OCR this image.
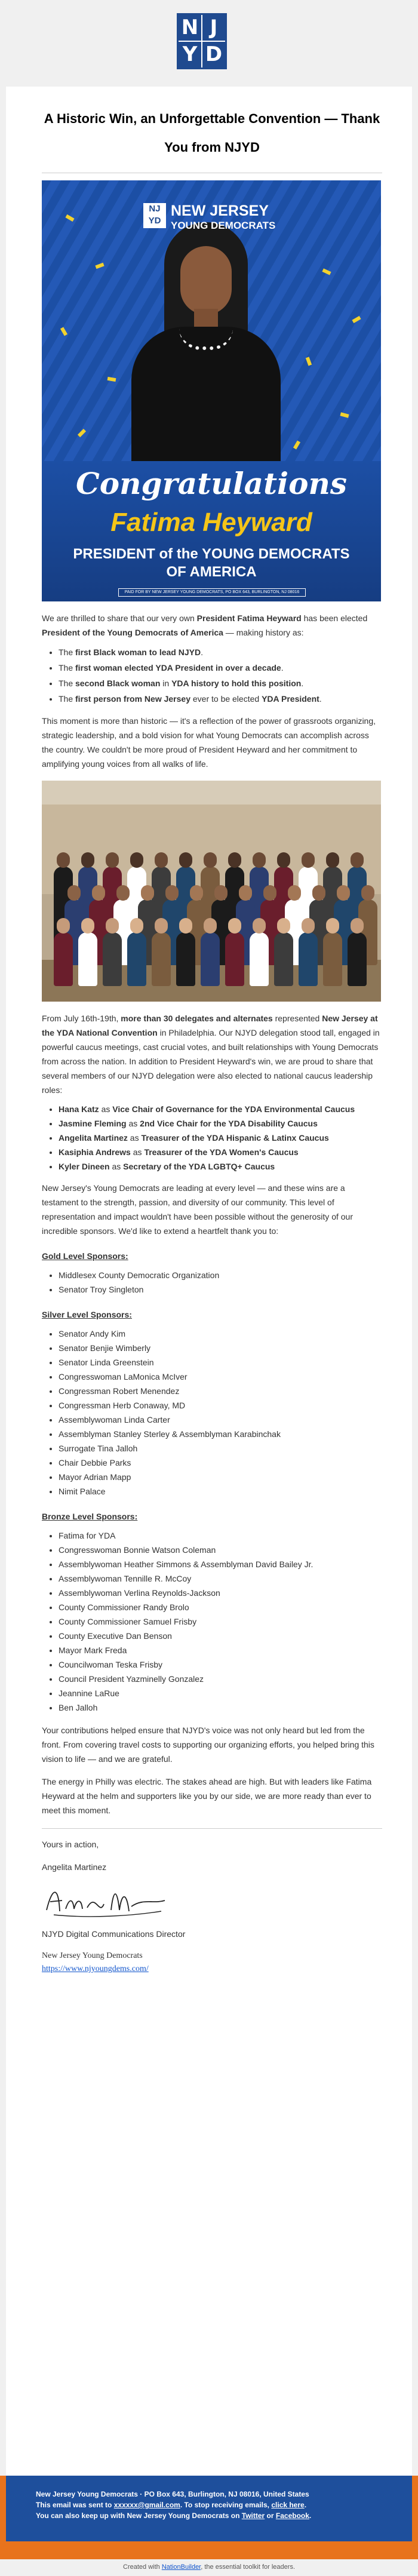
N J
Y D
A Historic Win, an Unforgettable Convention — Thank You from NJYD
NJ
YD
NEW JERSEY
YOUNG DEMOCRATS
Congratulations
Fatima Heyward
PRESIDENT of the YOUNG DEMOCRATS
OF AMERICA
PAID FOR BY NEW JERSEY YOUNG DEMOCRATS, PO BOX 643, BURLINGTON, NJ 08016

We are thrilled to share that our very own President Fatima Heyward has been elected President of the Young Democrats of America — making history as:

• The first Black woman to lead NJYD.
• The first woman elected YDA President in over a decade.
• The second Black woman in YDA history to hold this position.
• The first person from New Jersey ever to be elected YDA President.

This moment is more than historic — it's a reflection of the power of grassroots organizing, strategic leadership, and a bold vision for what Young Democrats can accomplish across the country. We couldn't be more proud of President Heyward and her commitment to amplifying young voices from all walks of life.

From July 16th-19th, more than 30 delegates and alternates represented New Jersey at the YDA National Convention in Philadelphia. Our NJYD delegation stood tall, engaged in powerful caucus meetings, cast crucial votes, and built relationships with Young Democrats from across the nation. In addition to President Heyward's win, we are proud to share that several members of our NJYD delegation were also elected to national caucus leadership roles:

• Hana Katz as Vice Chair of Governance for the YDA Environmental Caucus
• Jasmine Fleming as 2nd Vice Chair for the YDA Disability Caucus
• Angelita Martinez as Treasurer of the YDA Hispanic & Latinx Caucus
• Kasiphia Andrews as Treasurer of the YDA Women's Caucus
• Kyler Dineen as Secretary of the YDA LGBTQ+ Caucus

New Jersey's Young Democrats are leading at every level — and these wins are a testament to the strength, passion, and diversity of our community. This level of representation and impact wouldn't have been possible without the generosity of our incredible sponsors. We'd like to extend a heartfelt thank you to:

Gold Level Sponsors:
• Middlesex County Democratic Organization
• Senator Troy Singleton
Silver Level Sponsors:
• Senator Andy Kim
• Senator Benjie Wimberly
• Senator Linda Greenstein
• Congresswoman LaMonica McIver
• Congressman Robert Menendez
• Congressman Herb Conaway, MD
• Assemblywoman Linda Carter
• Assemblyman Stanley Sterley & Assemblyman Karabinchak
• Surrogate Tina Jalloh
• Chair Debbie Parks
• Mayor Adrian Mapp
• Nimit Palace
Bronze Level Sponsors:
• Fatima for YDA
• Congresswoman Bonnie Watson Coleman
• Assemblywoman Heather Simmons & Assemblyman David Bailey Jr.
• Assemblywoman Tennille R. McCoy
• Assemblywoman Verlina Reynolds-Jackson
• County Commissioner Randy Brolo
• County Commissioner Samuel Frisby
• County Executive Dan Benson
• Mayor Mark Freda
• Councilwoman Teska Frisby
• Council President Yazminelly Gonzalez
• Jeannine LaRue
• Ben Jalloh

Your contributions helped ensure that NJYD's voice was not only heard but led from the front. From covering travel costs to supporting our organizing efforts, you helped bring this vision to life — and we are grateful.

The energy in Philly was electric. The stakes ahead are high. But with leaders like Fatima Heyward at the helm and supporters like you by our side, we are more ready than ever to meet this moment.

Yours in action,

Angelita Martinez

NJYD Digital Communications Director

New Jersey Young Democrats
https://www.njyoungdems.com/
New Jersey Young Democrats · PO Box 643, Burlington, NJ 08016, United States
This email was sent to xxxxxx@gmail.com. To stop receiving emails, click here.
You can also keep up with New Jersey Young Democrats on Twitter or Facebook.
Created with NationBuilder, the essential toolkit for leaders.
